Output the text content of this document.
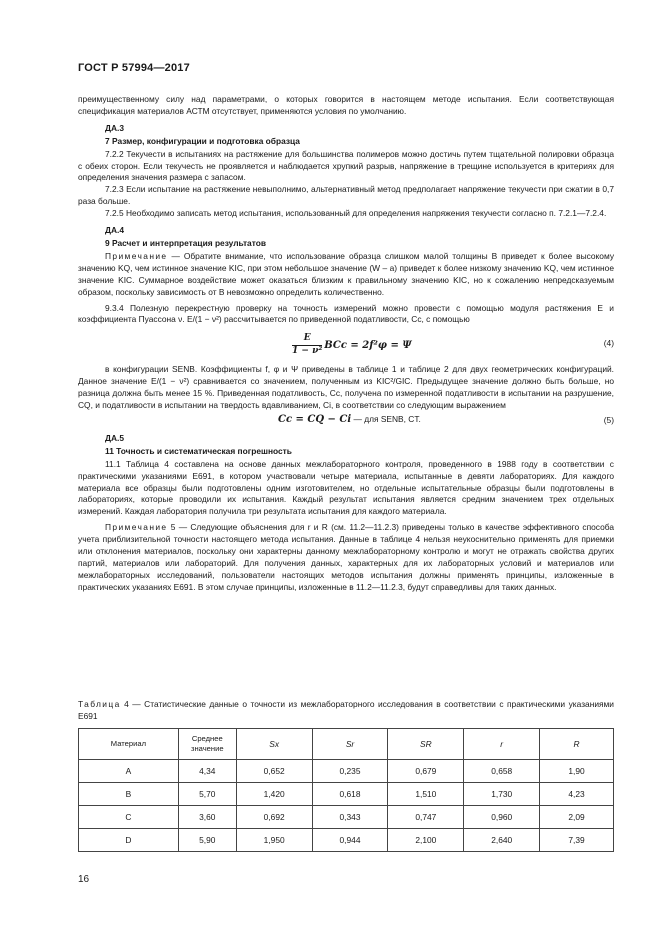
ГОСТ Р 57994—2017

преимущественному силу над параметрами, о которых говорится в настоящем методе испытания. Если соответствующая спецификация материалов АСТМ отсутствует, применяются условия по умолчанию.

ДА.3

7 Размер, конфигурации и подготовка образца

7.2.2 Текучести в испытаниях на растяжение для большинства полимеров можно достичь путем тщательной полировки образца с обеих сторон. Если текучесть не проявляется и наблюдается хрупкий разрыв, напряжение в трещине используется в критериях для определения значения размера с запасом.

7.2.3 Если испытание на растяжение невыполнимо, альтернативный метод предполагает напряжение текучести при сжатии в 0,7 раза больше.

7.2.5 Необходимо записать метод испытания, использованный для определения напряжения текучести согласно п. 7.2.1—7.2.4.

ДА.4

9 Расчет и интерпретация результатов

Примечание — Обратите внимание, что использование образца слишком малой толщины B приведет к более высокому значению KQ, чем истинное значение KIC, при этом небольшое значение (W – a) приведет к более низкому значению KQ, чем истинное значение KIC. Суммарное воздействие может оказаться близким к правильному значению KIC, но к сожалению непредсказуемым образом, поскольку зависимость от B невозможно определить количественно.

9.3.4 Полезную перекрестную проверку на точность измерений можно провести с помощью модуля растяжения E и коэффициента Пуассона ν. E/(1 − ν²) рассчитывается по приведенной податливости, Cc, с помощью

$\frac{E}{\text{1 − ν²}}$ BCc = 2f²φ = Ψ	(4)

в конфигурации SENB. Коэффициенты f, φ и Ψ приведены в таблице 1 и таблице 2 для двух геометрических конфигураций. Данное значение E/(1 − ν²) сравнивается со значением, полученным из KIC²/GIC. Предыдущее значение должно быть больше, но разница должна быть менее 15 %. Приведенная податливость, Cc, получена по измеренной податливости в испытании на разрушение, CQ, и податливости в испытании на твердость вдавливанием, Ci, в соответствии со следующим выражением

Cc = CQ − Ci — для SENB, CT.	(5)

ДА.5

11 Точность и систематическая погрешность

11.1 Таблица 4 составлена на основе данных межлабораторного контроля, проведенного в 1988 году в соответствии с практическими указаниями E691, в котором участвовали четыре материала, испытанные в девяти лабораториях. Для каждого материала все образцы были подготовлены одним изготовителем, но отдельные испытательные образцы были подготовлены в лабораториях, которые проводили их испытания. Каждый результат испытания является средним значением трех отдельных измерений. Каждая лаборатория получила три результата испытания для каждого материала.

Примечание 5 — Следующие объяснения для r и R (см. 11.2—11.2.3) приведены только в качестве эффективного способа учета приблизительной точности настоящего метода испытания. Данные в таблице 4 нельзя неукоснительно применять для приемки или отклонения материалов, поскольку они характерны данному межлабораторному контролю и могут не отражать свойства других партий, материалов или лабораторий. Для получения данных, характерных для их лабораторных условий и материалов или межлабораторных исследований, пользователи настоящих методов испытания должны применять принципы, изложенные в практических указаниях E691. В этом случае принципы, изложенные в 11.2—11.2.3, будут справедливы для таких данных.

Таблица 4 — Статистические данные о точности из межлабораторного исследования в соответствии с практическими указаниями E691
Материал	Среднее значение	Sx	Sr	SR	r	R
A	4,34	0,652	0,235	0,679	0,658	1,90
B	5,70	1,420	0,618	1,510	1,730	4,23
C	3,60	0,692	0,343	0,747	0,960	2,09
D	5,90	1,950	0,944	2,100	2,640	7,39
16
